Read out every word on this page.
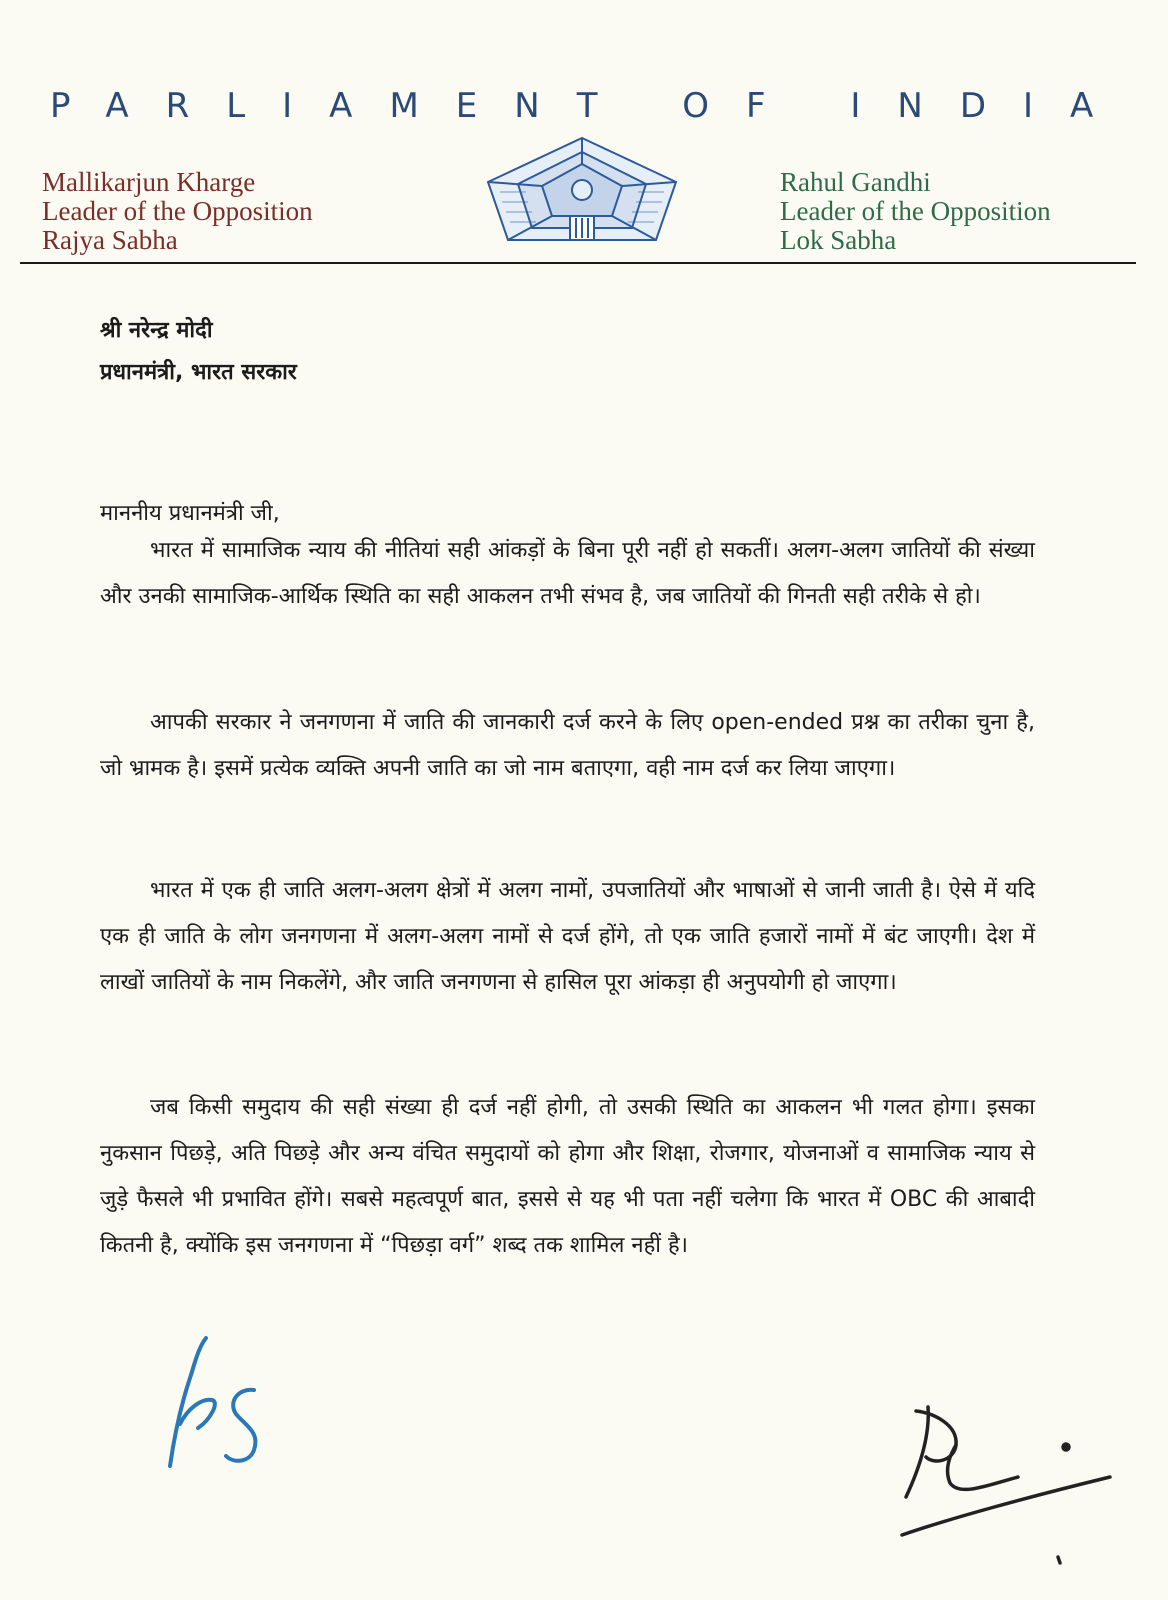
PARLIAMENT OF INDIA
Mallikarjun Kharge
Leader of the Opposition
Rajya Sabha
Rahul Gandhi
Leader of the Opposition
Lok Sabha
श्री नरेन्द्र मोदी
प्रधानमंत्री, भारत सरकार
माननीय प्रधानमंत्री जी,

भारत में सामाजिक न्याय की नीतियां सही आंकड़ों के बिना पूरी नहीं हो सकतीं। अलग-अलग जातियों की संख्या और उनकी सामाजिक-आर्थिक स्थिति का सही आकलन तभी संभव है, जब जातियों की गिनती सही तरीके से हो।

आपकी सरकार ने जनगणना में जाति की जानकारी दर्ज करने के लिए open-ended प्रश्न का तरीका चुना है, जो भ्रामक है। इसमें प्रत्येक व्यक्ति अपनी जाति का जो नाम बताएगा, वही नाम दर्ज कर लिया जाएगा।

भारत में एक ही जाति अलग-अलग क्षेत्रों में अलग नामों, उपजातियों और भाषाओं से जानी जाती है। ऐसे में यदि एक ही जाति के लोग जनगणना में अलग-अलग नामों से दर्ज होंगे, तो एक जाति हजारों नामों में बंट जाएगी। देश में लाखों जातियों के नाम निकलेंगे, और जाति जनगणना से हासिल पूरा आंकड़ा ही अनुपयोगी हो जाएगा।

जब किसी समुदाय की सही संख्या ही दर्ज नहीं होगी, तो उसकी स्थिति का आकलन भी गलत होगा। इसका नुकसान पिछड़े, अति पिछड़े और अन्य वंचित समुदायों को होगा और शिक्षा, रोजगार, योजनाओं व सामाजिक न्याय से जुड़े फैसले भी प्रभावित होंगे। सबसे महत्वपूर्ण बात, इससे से यह भी पता नहीं चलेगा कि भारत में OBC की आबादी कितनी है, क्योंकि इस जनगणना में “पिछड़ा वर्ग” शब्द तक शामिल नहीं है।
